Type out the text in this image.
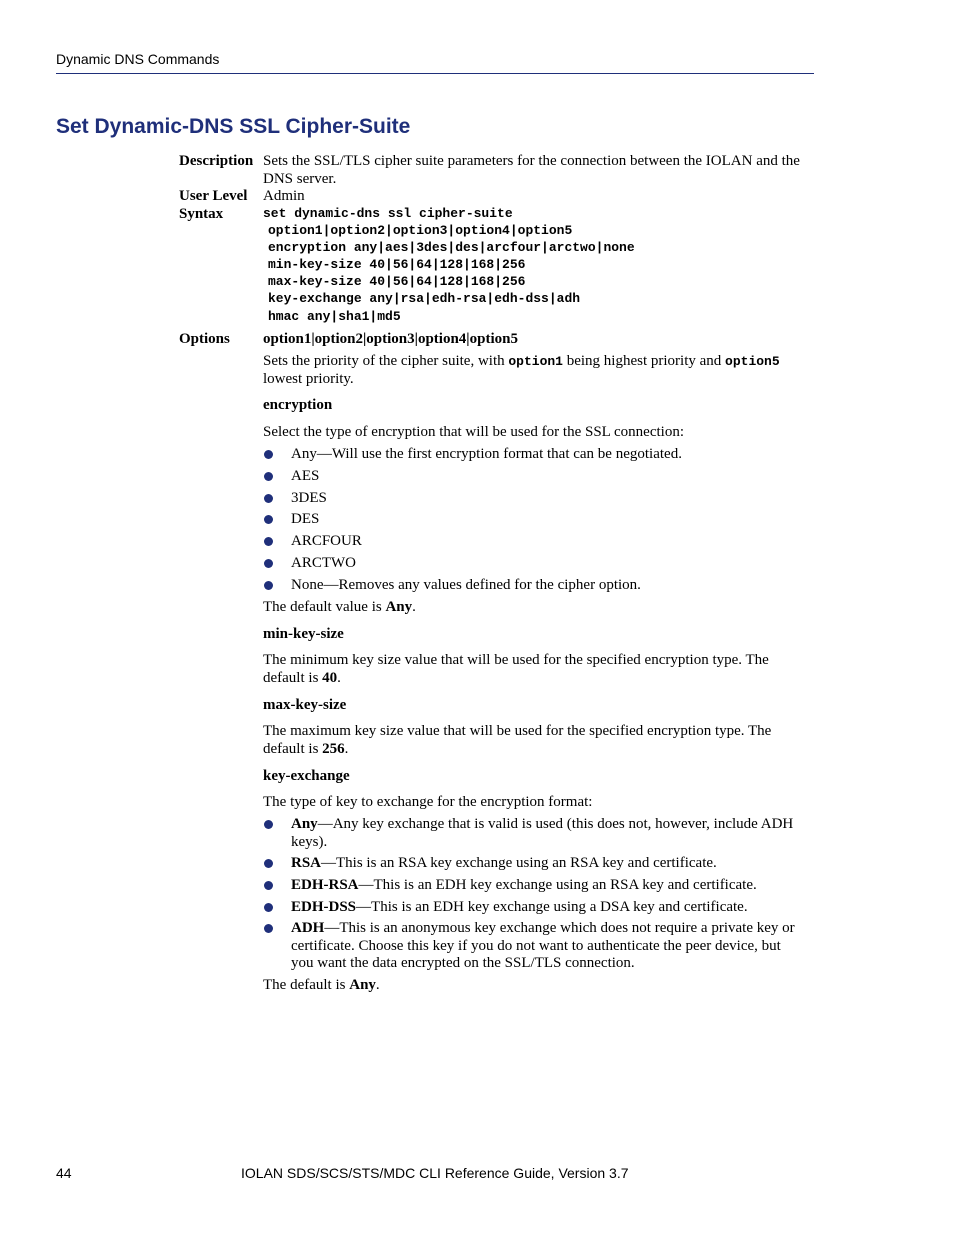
Dynamic DNS Commands
Set Dynamic-DNS SSL Cipher-Suite
Description Sets the SSL/TLS cipher suite parameters for the connection between the IOLAN and the DNS server.
User Level Admin
Syntax	set dynamic-dns ssl cipher-suite
option1|option2|option3|option4|option5
encryption any|aes|3des|des|arcfour|arctwo|none
min-key-size 40|56|64|128|168|256
max-key-size 40|56|64|128|168|256
key-exchange any|rsa|edh-rsa|edh-dss|adh
hmac any|sha1|md5
Options option1|option2|option3|option4|option5
Sets the priority of the cipher suite, with option1 being highest priority and option5 lowest priority.
encryption
Select the type of encryption that will be used for the SSL connection:
Any—Will use the first encryption format that can be negotiated.
AES
3DES
DES
ARCFOUR
ARCTWO
None—Removes any values defined for the cipher option.
The default value is Any.
min-key-size
The minimum key size value that will be used for the specified encryption type. The default is 40.
max-key-size
The maximum key size value that will be used for the specified encryption type. The default is 256.
key-exchange
The type of key to exchange for the encryption format:
Any—Any key exchange that is valid is used (this does not, however, include ADH keys).
RSA—This is an RSA key exchange using an RSA key and certificate.
EDH-RSA—This is an EDH key exchange using an RSA key and certificate.
EDH-DSS—This is an EDH key exchange using a DSA key and certificate.
ADH—This is an anonymous key exchange which does not require a private key or certificate. Choose this key if you do not want to authenticate the peer device, but you want the data encrypted on the SSL/TLS connection.
The default is Any.
44	IOLAN SDS/SCS/STS/MDC CLI Reference Guide, Version 3.7
